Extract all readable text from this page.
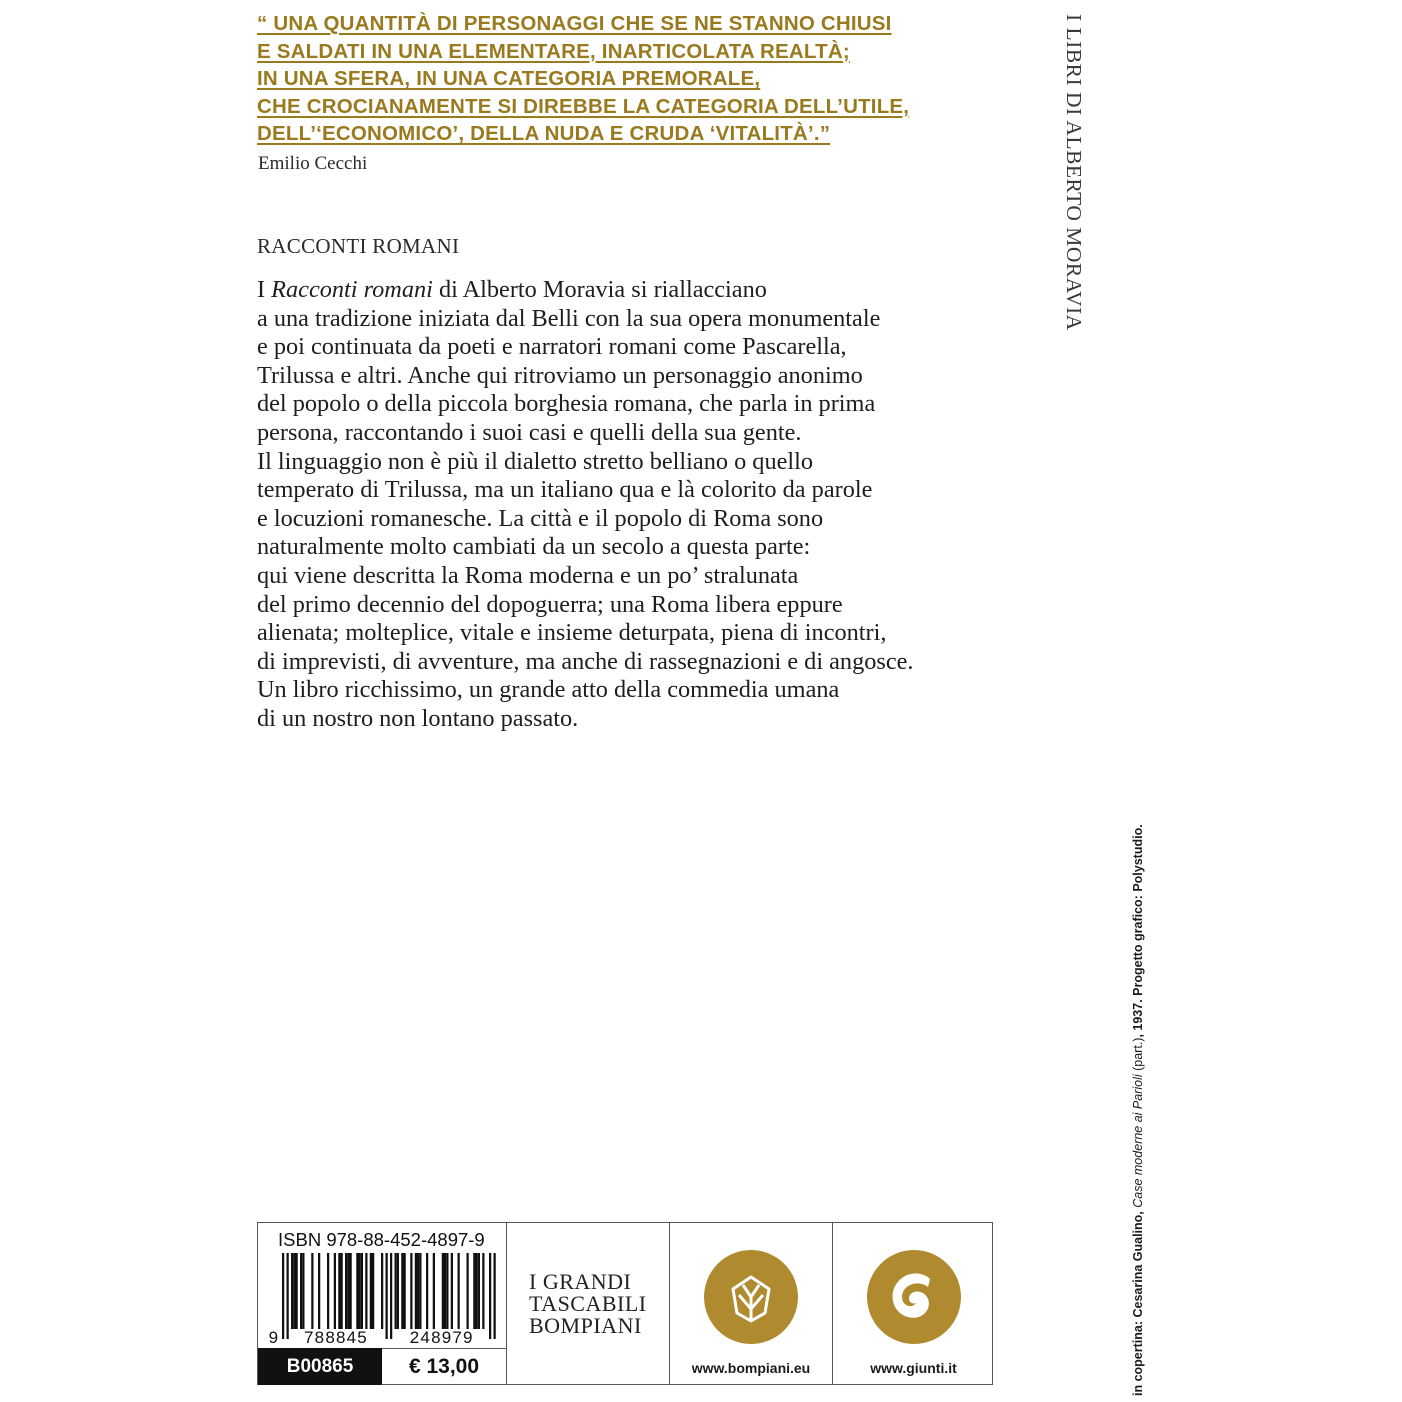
“ UNA QUANTITÀ DI PERSONAGGI CHE SE NE STANNO CHIUSI
E SALDATI IN UNA ELEMENTARE, INARTICOLATA REALTÀ;
IN UNA SFERA, IN UNA CATEGORIA PREMORALE,
CHE CROCIANAMENTE SI DIREBBE LA CATEGORIA DELL’UTILE,
DELL’‘ECONOMICO’, DELLA NUDA E CRUDA ‘VITALITÀ’.”
Emilio Cecchi
RACCONTI ROMANI
I Racconti romani di Alberto Moravia si riallacciano
a una tradizione iniziata dal Belli con la sua opera monumentale
e poi continuata da poeti e narratori romani come Pascarella,
Trilussa e altri. Anche qui ritroviamo un personaggio anonimo
del popolo o della piccola borghesia romana, che parla in prima
persona, raccontando i suoi casi e quelli della sua gente.
Il linguaggio non è più il dialetto stretto belliano o quello
temperato di Trilussa, ma un italiano qua e là colorito da parole
e locuzioni romanesche. La città e il popolo di Roma sono
naturalmente molto cambiati da un secolo a questa parte:
qui viene descritta la Roma moderna e un po’ stralunata
del primo decennio del dopoguerra; una Roma libera eppure
alienata; molteplice, vitale e insieme deturpata, piena di incontri,
di imprevisti, di avventure, ma anche di rassegnazioni e di angosce.
Un libro ricchissimo, un grande atto della commedia umana
di un nostro non lontano passato.
I LIBRI DI ALBERTO MORAVIA
in copertina: Cesarina Gualino, Case moderne ai Parioli (part.), 1937. Progetto grafico: Polystudio.
ISBN 978-88-452-4897-9
9 788845 248979
B00865	€ 13,00
I GRANDI
TASCABILI
BOMPIANI
www.bompiani.eu	www.giunti.it
